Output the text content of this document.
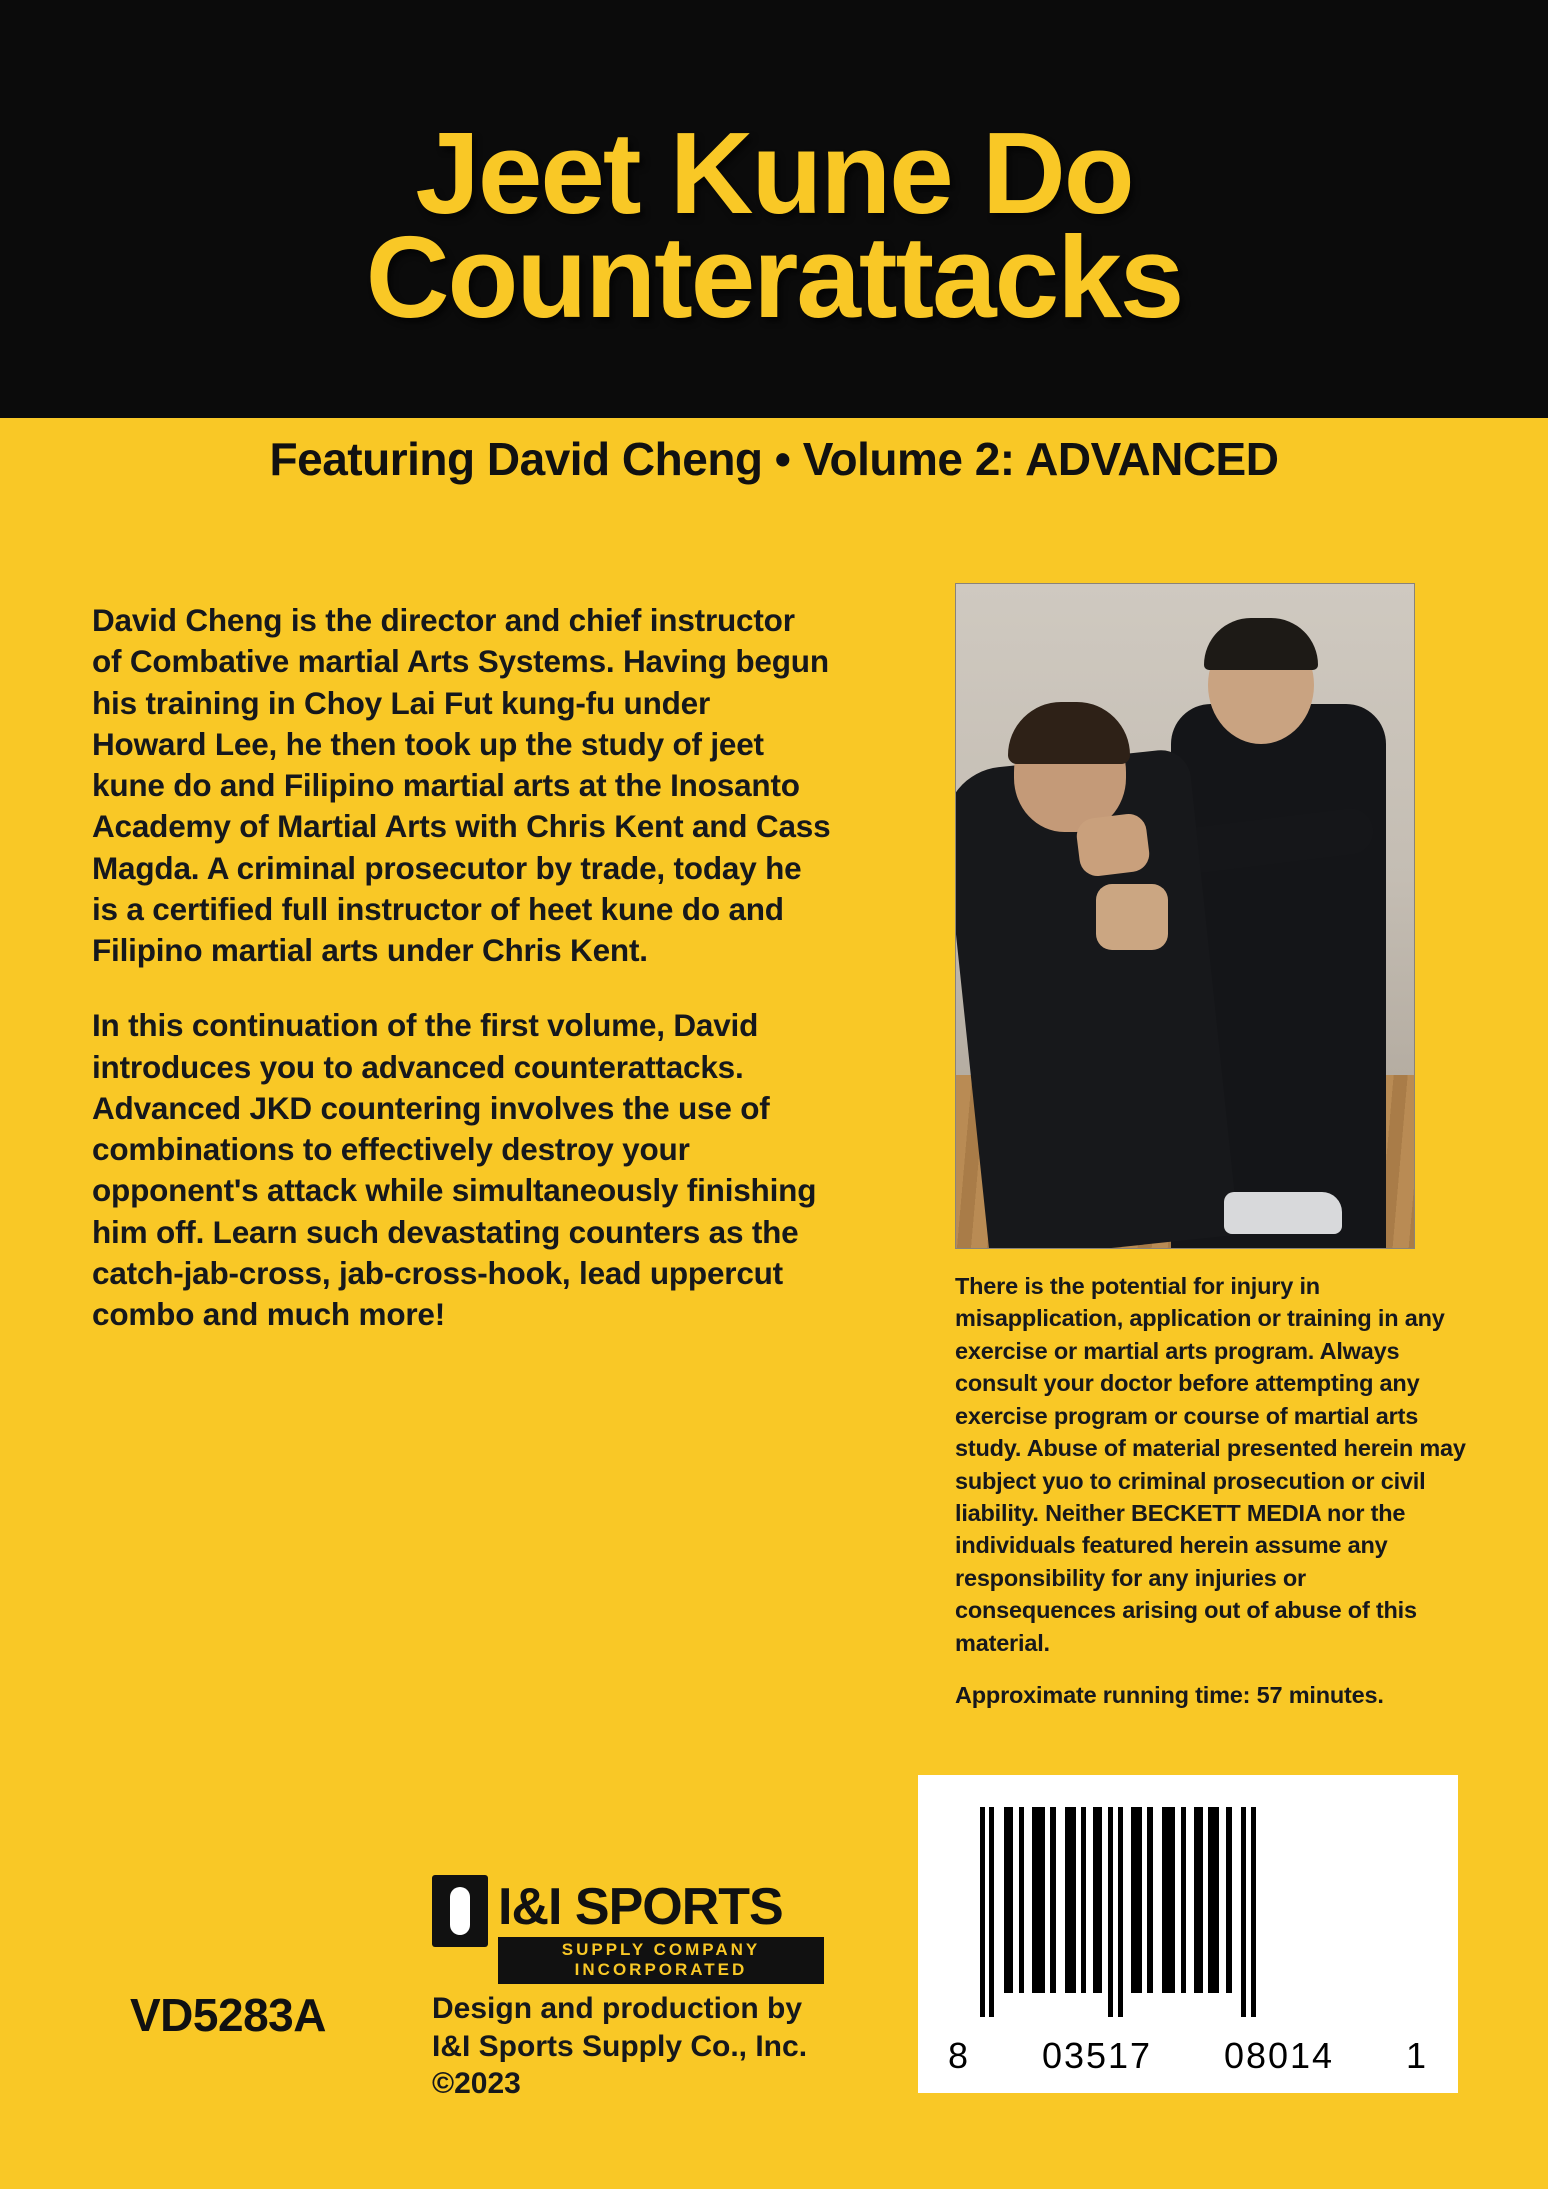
Jeet Kune Do
Counterattacks
Featuring David Cheng • Volume 2: ADVANCED

David Cheng is the director and chief instructor of Combative martial Arts Systems. Having begun his training in Choy Lai Fut kung-fu under Howard Lee, he then took up the study of jeet kune do and Filipino martial arts at the Inosanto Academy of Martial Arts with Chris Kent and Cass Magda. A criminal prosecutor by trade, today he is a certified full instructor of heet kune do and Filipino martial arts under Chris Kent.

In this continuation of the first volume, David introduces you to advanced counterattacks. Advanced JKD countering involves the use of combinations to effectively destroy your opponent's attack while simultaneously finishing him off. Learn such devastating counters as the catch-jab-cross, jab-cross-hook, lead uppercut combo and much more!

There is the potential for injury in misapplication, application or training in any exercise or martial arts program. Always consult your doctor before attempting any exercise program or course of martial arts study. Abuse of material presented herein may subject yuo to criminal prosecution or civil liability. Neither BECKETT MEDIA nor the individuals featured herein assume any responsibility for any injuries or consequences arising out of abuse of this material.
Approximate running time: 57 minutes.
8 03517 08014 1
I&I SPORTS
SUPPLY COMPANY INCORPORATED
VD5283A	Design and production by
I&I Sports Supply Co., Inc.
©2023
